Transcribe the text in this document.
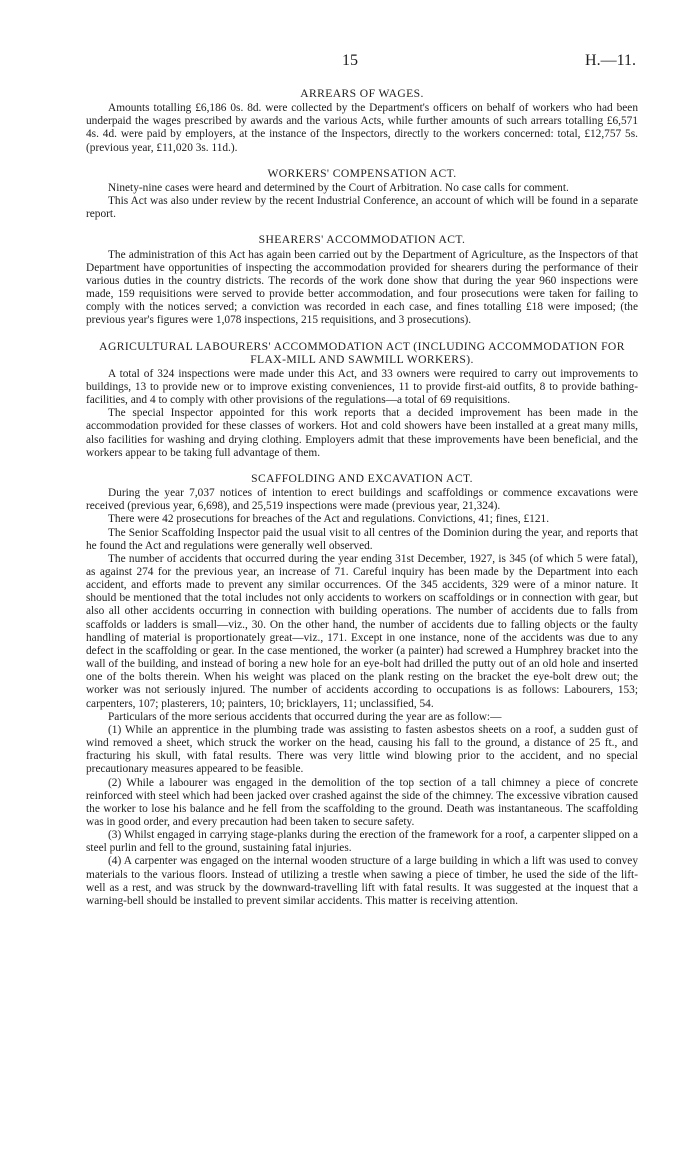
15	H.—11.
ARREARS OF WAGES.

Amounts totalling £6,186 0s. 8d. were collected by the Department's officers on behalf of workers who had been underpaid the wages prescribed by awards and the various Acts, while further amounts of such arrears totalling £6,571 4s. 4d. were paid by employers, at the instance of the Inspectors, directly to the workers concerned: total, £12,757 5s. (previous year, £11,020 3s. 11d.).

WORKERS' COMPENSATION ACT.

Ninety-nine cases were heard and determined by the Court of Arbitration. No case calls for comment.

This Act was also under review by the recent Industrial Conference, an account of which will be found in a separate report.

SHEARERS' ACCOMMODATION ACT.

The administration of this Act has again been carried out by the Department of Agriculture, as the Inspectors of that Department have opportunities of inspecting the accommodation provided for shearers during the performance of their various duties in the country districts. The records of the work done show that during the year 960 inspections were made, 159 requisitions were served to provide better accommodation, and four prosecutions were taken for failing to comply with the notices served; a conviction was recorded in each case, and fines totalling £18 were imposed; (the previous year's figures were 1,078 inspections, 215 requisitions, and 3 prosecutions).

AGRICULTURAL LABOURERS' ACCOMMODATION ACT (INCLUDING ACCOMMODATION FOR FLAX-MILL AND SAWMILL WORKERS).

A total of 324 inspections were made under this Act, and 33 owners were required to carry out improvements to buildings, 13 to provide new or to improve existing conveniences, 11 to provide first-aid outfits, 8 to provide bathing-facilities, and 4 to comply with other provisions of the regulations—a total of 69 requisitions.

The special Inspector appointed for this work reports that a decided improvement has been made in the accommodation provided for these classes of workers. Hot and cold showers have been installed at a great many mills, also facilities for washing and drying clothing. Employers admit that these improvements have been beneficial, and the workers appear to be taking full advantage of them.

SCAFFOLDING AND EXCAVATION ACT.

During the year 7,037 notices of intention to erect buildings and scaffoldings or commence excavations were received (previous year, 6,698), and 25,519 inspections were made (previous year, 21,324).

There were 42 prosecutions for breaches of the Act and regulations. Convictions, 41; fines, £121.

The Senior Scaffolding Inspector paid the usual visit to all centres of the Dominion during the year, and reports that he found the Act and regulations were generally well observed.

The number of accidents that occurred during the year ending 31st December, 1927, is 345 (of which 5 were fatal), as against 274 for the previous year, an increase of 71. Careful inquiry has been made by the Department into each accident, and efforts made to prevent any similar occurrences. Of the 345 accidents, 329 were of a minor nature. It should be mentioned that the total includes not only accidents to workers on scaffoldings or in connection with gear, but also all other accidents occurring in connection with building operations. The number of accidents due to falls from scaffolds or ladders is small—viz., 30. On the other hand, the number of accidents due to falling objects or the faulty handling of material is proportionately great—viz., 171. Except in one instance, none of the accidents was due to any defect in the scaffolding or gear. In the case mentioned, the worker (a painter) had screwed a Humphrey bracket into the wall of the building, and instead of boring a new hole for an eye-bolt had drilled the putty out of an old hole and inserted one of the bolts therein. When his weight was placed on the plank resting on the bracket the eye-bolt drew out; the worker was not seriously injured. The number of accidents according to occupations is as follows: Labourers, 153; carpenters, 107; plasterers, 10; painters, 10; bricklayers, 11; unclassified, 54.

Particulars of the more serious accidents that occurred during the year are as follow:—

(1) While an apprentice in the plumbing trade was assisting to fasten asbestos sheets on a roof, a sudden gust of wind removed a sheet, which struck the worker on the head, causing his fall to the ground, a distance of 25 ft., and fracturing his skull, with fatal results. There was very little wind blowing prior to the accident, and no special precautionary measures appeared to be feasible.

(2) While a labourer was engaged in the demolition of the top section of a tall chimney a piece of concrete reinforced with steel which had been jacked over crashed against the side of the chimney. The excessive vibration caused the worker to lose his balance and he fell from the scaffolding to the ground. Death was instantaneous. The scaffolding was in good order, and every precaution had been taken to secure safety.

(3) Whilst engaged in carrying stage-planks during the erection of the framework for a roof, a carpenter slipped on a steel purlin and fell to the ground, sustaining fatal injuries.

(4) A carpenter was engaged on the internal wooden structure of a large building in which a lift was used to convey materials to the various floors. Instead of utilizing a trestle when sawing a piece of timber, he used the side of the lift-well as a rest, and was struck by the downward-travelling lift with fatal results. It was suggested at the inquest that a warning-bell should be installed to prevent similar accidents. This matter is receiving attention.
